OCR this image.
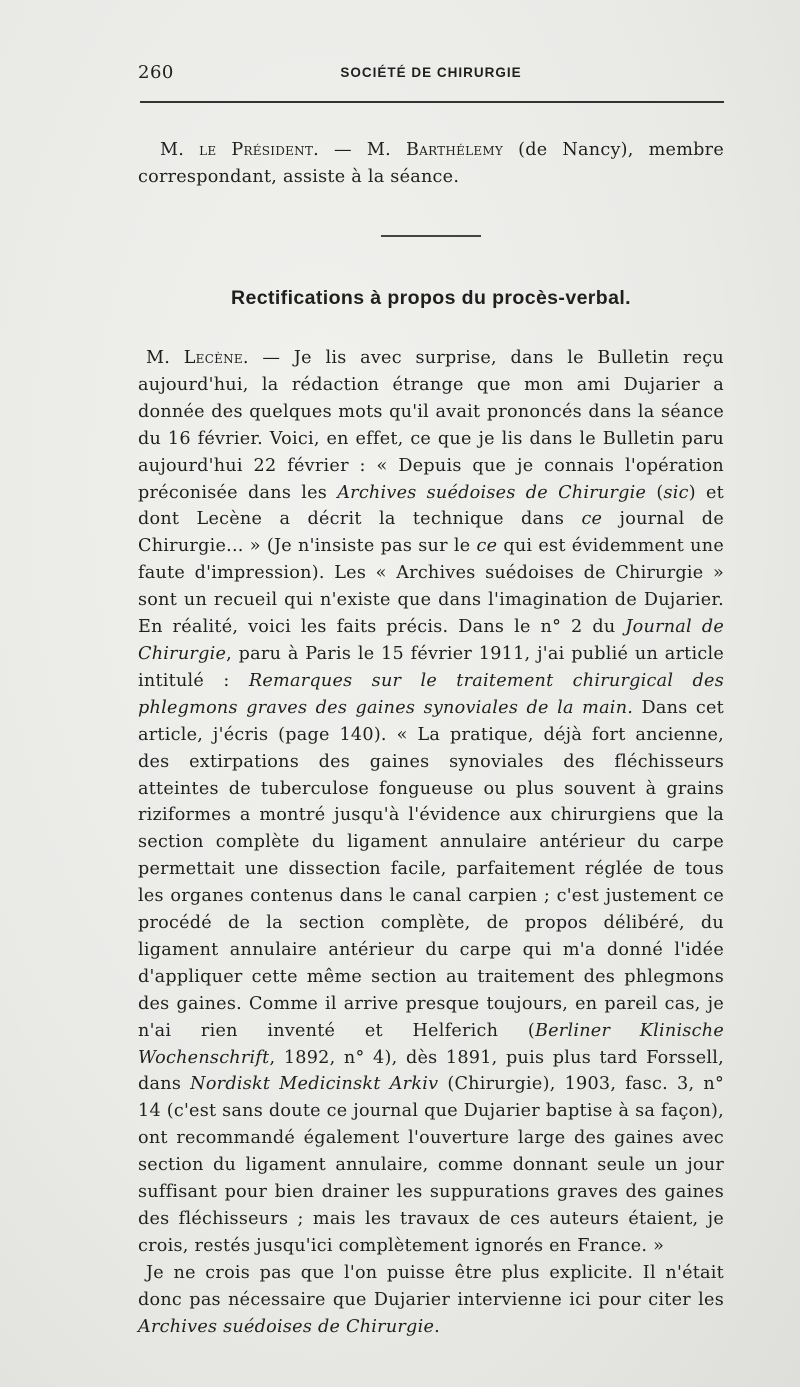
260	SOCIÉTÉ DE CHIRURGIE
M. le Président. — M. Barthélemy (de Nancy), membre correspondant, assiste à la séance.
Rectifications à propos du procès-verbal.
M. Lecène. — Je lis avec surprise, dans le Bulletin reçu aujourd'hui, la rédaction étrange que mon ami Dujarier a donnée des quelques mots qu'il avait prononcés dans la séance du 16 février. Voici, en effet, ce que je lis dans le Bulletin paru aujourd'hui 22 février : « Depuis que je connais l'opération préconisée dans les Archives suédoises de Chirurgie (sic) et dont Lecène a décrit la technique dans ce journal de Chirurgie... » (Je n'insiste pas sur le ce qui est évidemment une faute d'impression). Les « Archives suédoises de Chirurgie » sont un recueil qui n'existe que dans l'imagination de Dujarier. En réalité, voici les faits précis. Dans le n° 2 du Journal de Chirurgie, paru à Paris le 15 février 1911, j'ai publié un article intitulé : Remarques sur le traitement chirurgical des phlegmons graves des gaines synoviales de la main. Dans cet article, j'écris (page 140). « La pratique, déjà fort ancienne, des extirpations des gaines synoviales des fléchisseurs atteintes de tuberculose fongueuse ou plus souvent à grains riziformes a montré jusqu'à l'évidence aux chirurgiens que la section complète du ligament annulaire antérieur du carpe permettait une dissection facile, parfaitement réglée de tous les organes contenus dans le canal carpien ; c'est justement ce procédé de la section complète, de propos délibéré, du ligament annulaire antérieur du carpe qui m'a donné l'idée d'appliquer cette même section au traitement des phlegmons des gaines. Comme il arrive presque toujours, en pareil cas, je n'ai rien inventé et Helferich (Berliner Klinische Wochenschrift, 1892, n° 4), dès 1891, puis plus tard Forssell, dans Nordiskt Medicinskt Arkiv (Chirurgie), 1903, fasc. 3, n° 14 (c'est sans doute ce journal que Dujarier baptise à sa façon), ont recommandé également l'ouverture large des gaines avec section du ligament annulaire, comme donnant seule un jour suffisant pour bien drainer les suppurations graves des gaines des fléchisseurs ; mais les travaux de ces auteurs étaient, je crois, restés jusqu'ici complètement ignorés en France. »
Je ne crois pas que l'on puisse être plus explicite. Il n'était donc pas nécessaire que Dujarier intervienne ici pour citer les Archives suédoises de Chirurgie.
